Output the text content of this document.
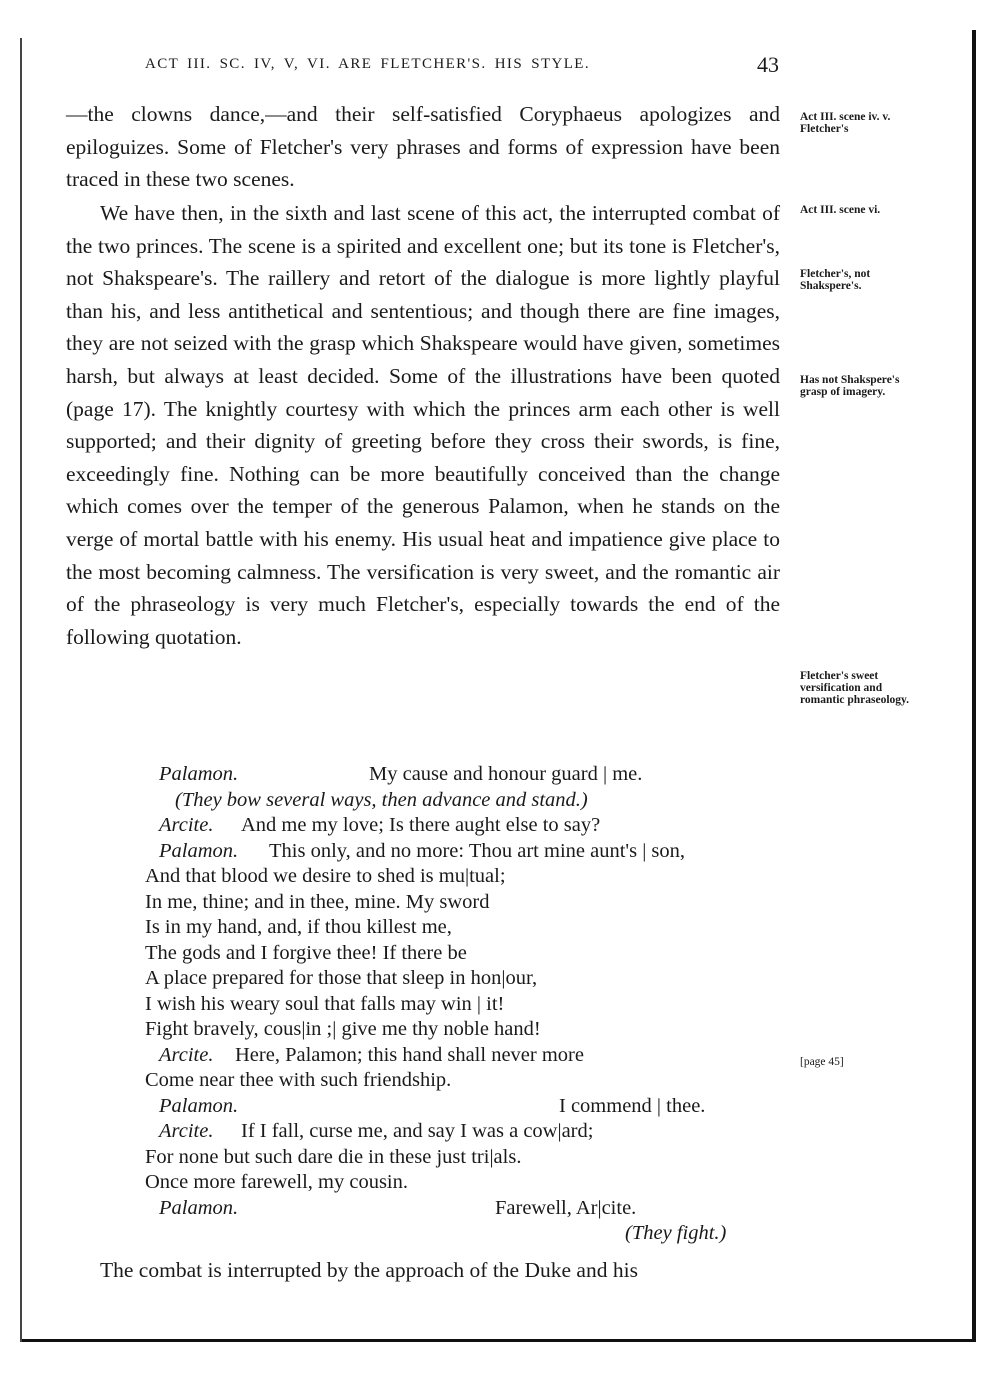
ACT III. SC. IV, V, VI. ARE FLETCHER'S. HIS STYLE.	43

—the clowns dance,—and their self-satisfied Coryphaeus apologizes and epiloguizes. Some of Fletcher's very phrases and forms of expression have been traced in these two scenes.

We have then, in the sixth and last scene of this act, the interrupted combat of the two princes. The scene is a spirited and excellent one; but its tone is Fletcher's, not Shakspeare's. The raillery and retort of the dialogue is more lightly playful than his, and less antithetical and sententious; and though there are fine images, they are not seized with the grasp which Shakspeare would have given, sometimes harsh, but always at least decided. Some of the illustrations have been quoted (page 17). The knightly courtesy with which the princes arm each other is well supported; and their dignity of greeting before they cross their swords, is fine, exceedingly fine. Nothing can be more beautifully conceived than the change which comes over the temper of the generous Palamon, when he stands on the verge of mortal battle with his enemy. His usual heat and impatience give place to the most becoming calmness. The versification is very sweet, and the romantic air of the phraseology is very much Fletcher's, especially towards the end of the following quotation.

Act III. scene iv. v. Fletcher's
Act III. scene vi.
Fletcher's, not Shakspere's.
Has not Shakspere's grasp of imagery.
Fletcher's sweet versification and romantic phraseology.
[page 45]
Palamon.	My cause and honour guard | me.
(They bow several ways, then advance and stand.)
Arcite. And me my love; Is there aught else to say?
Palamon. This only, and no more: Thou art mine aunt's | son,
And that blood we desire to shed is mu|tual;
In me, thine; and in thee, mine. My sword
Is in my hand, and, if thou killest me,
The gods and I forgive thee! If there be
A place prepared for those that sleep in hon|our,
I wish his weary soul that falls may win | it!
Fight bravely, cous|in ;| give me thy noble hand!
Arcite. Here, Palamon; this hand shall never more
Come near thee with such friendship.
Palamon.	I commend | thee.
Arcite. If I fall, curse me, and say I was a cow|ard;
For none but such dare die in these just tri|als.
Once more farewell, my cousin.
Palamon.	Farewell, Ar|cite.
(They fight.)

The combat is interrupted by the approach of the Duke and his
